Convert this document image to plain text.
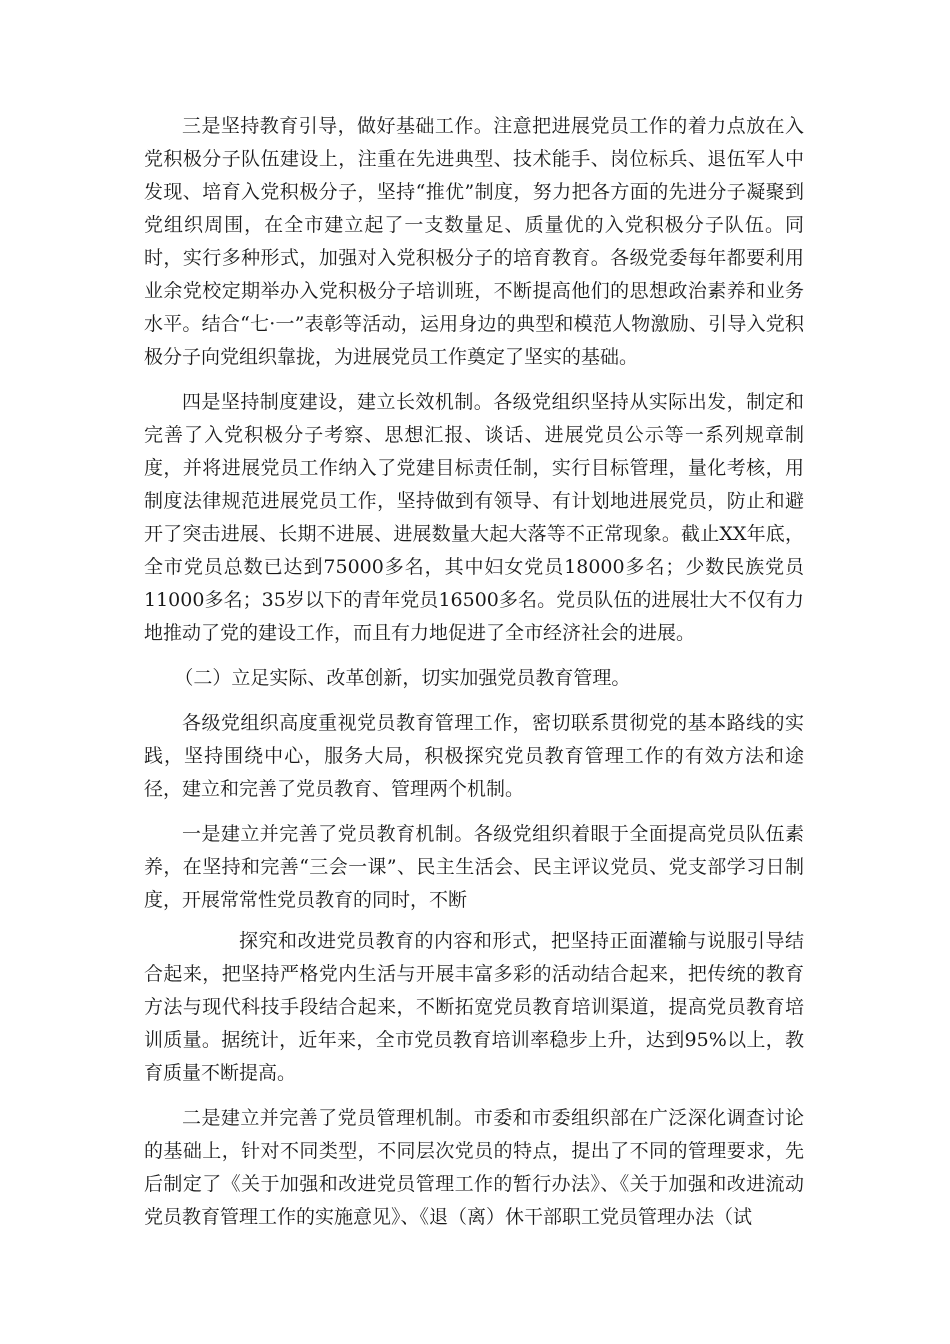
三是坚持教育引导，做好基础工作。注意把进展党员工作的着力点放在入党积极分子队伍建设上，注重在先进典型、技术能手、岗位标兵、退伍军人中发现、培育入党积极分子，坚持“推优”制度，努力把各方面的先进分子凝聚到党组织周围，在全市建立起了一支数量足、质量优的入党积极分子队伍。同时，实行多种形式，加强对入党积极分子的培育教育。各级党委每年都要利用业余党校定期举办入党积极分子培训班，不断提高他们的思想政治素养和业务水平。结合“七·一”表彰等活动，运用身边的典型和模范人物激励、引导入党积极分子向党组织靠拢，为进展党员工作奠定了坚实的基础。

四是坚持制度建设，建立长效机制。各级党组织坚持从实际出发，制定和完善了入党积极分子考察、思想汇报、谈话、进展党员公示等一系列规章制度，并将进展党员工作纳入了党建目标责任制，实行目标管理，量化考核，用制度法律规范进展党员工作，坚持做到有领导、有计划地进展党员，防止和避开了突击进展、长期不进展、进展数量大起大落等不正常现象。截止XX年底，全市党员总数已达到75000多名，其中妇女党员18000多名；少数民族党员11000多名；35岁以下的青年党员16500多名。党员队伍的进展壮大不仅有力地推动了党的建设工作，而且有力地促进了全市经济社会的进展。

（二）立足实际、改革创新，切实加强党员教育管理。

各级党组织高度重视党员教育管理工作，密切联系贯彻党的基本路线的实践，坚持围绕中心，服务大局，积极探究党员教育管理工作的有效方法和途径，建立和完善了党员教育、管理两个机制。

一是建立并完善了党员教育机制。各级党组织着眼于全面提高党员队伍素养，在坚持和完善“三会一课”、民主生活会、民主评议党员、党支部学习日制度，开展常常性党员教育的同时，不断

探究和改进党员教育的内容和形式，把坚持正面灌输与说服引导结合起来，把坚持严格党内生活与开展丰富多彩的活动结合起来，把传统的教育方法与现代科技手段结合起来，不断拓宽党员教育培训渠道，提高党员教育培训质量。据统计，近年来，全市党员教育培训率稳步上升，达到95%以上，教育质量不断提高。

二是建立并完善了党员管理机制。市委和市委组织部在广泛深化调查讨论的基础上，针对不同类型，不同层次党员的特点，提出了不同的管理要求，先后制定了《关于加强和改进党员管理工作的暂行办法》、《关于加强和改进流动党员教育管理工作的实施意见》、《退（离）休干部职工党员管理办法（试
